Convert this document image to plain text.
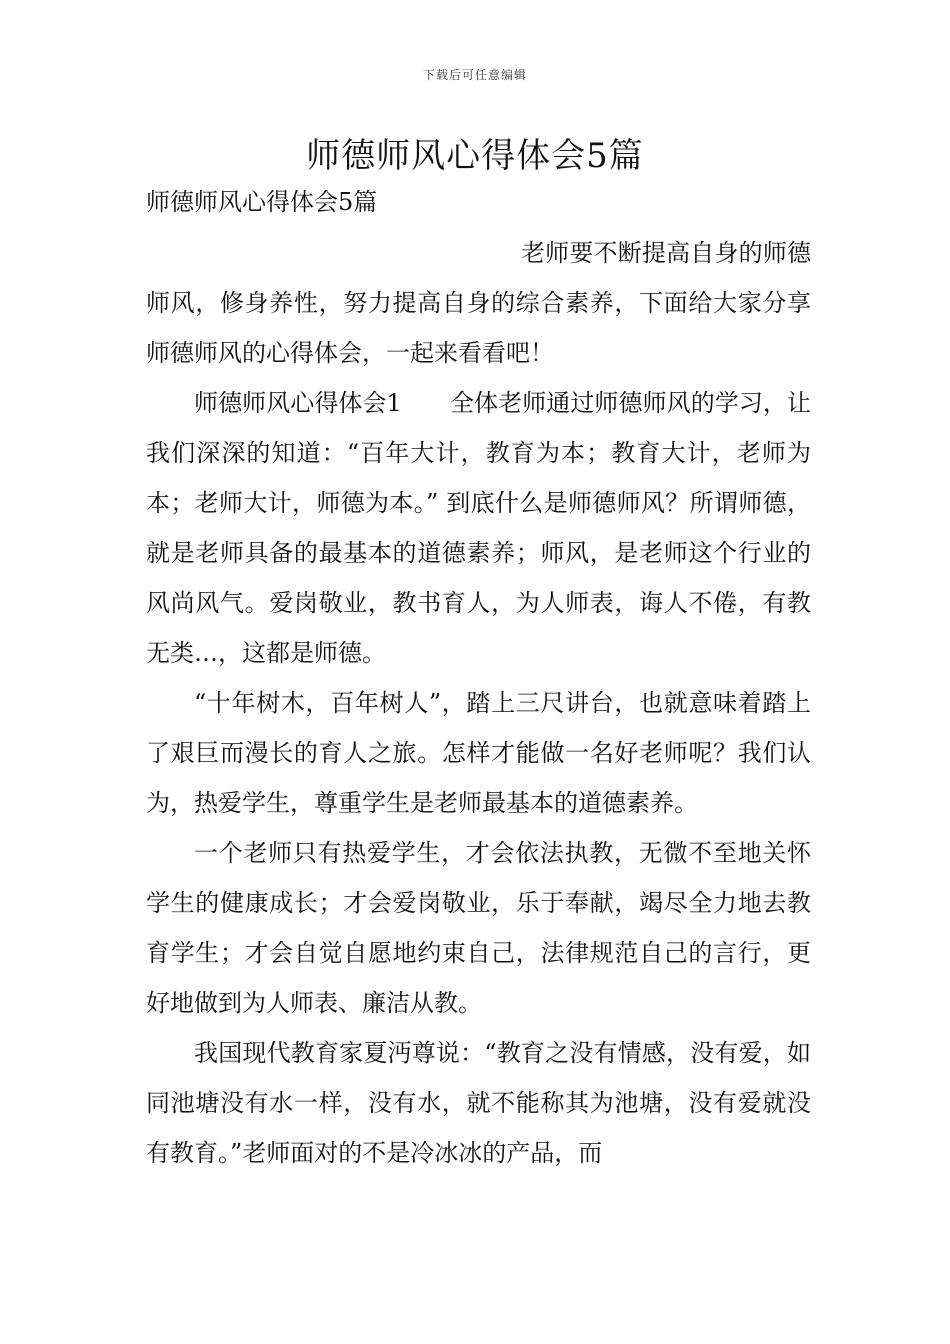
下载后可任意编辑
师德师风心得体会5篇

师德师风心得体会5篇

老师要不断提高自身的师德师风，修身养性，努力提高自身的综合素养，下面给大家分享师德师风的心得体会，一起来看看吧！

师德师风心得体会1　　全体老师通过师德师风的学习，让我们深深的知道：“百年大计，教育为本；教育大计，老师为本；老师大计，师德为本。” 到底什么是师德师风？所谓师德，就是老师具备的最基本的道德素养；师风，是老师这个行业的风尚风气。爱岗敬业，教书育人，为人师表，诲人不倦，有教无类…，这都是师德。

“十年树木，百年树人”，踏上三尺讲台，也就意味着踏上了艰巨而漫长的育人之旅。怎样才能做一名好老师呢？我们认为，热爱学生，尊重学生是老师最基本的道德素养。

一个老师只有热爱学生，才会依法执教，无微不至地关怀学生的健康成长；才会爱岗敬业，乐于奉献，竭尽全力地去教育学生；才会自觉自愿地约束自己，法律规范自己的言行，更好地做到为人师表、廉洁从教。

我国现代教育家夏沔尊说：“教育之没有情感，没有爱，如同池塘没有水一样，没有水，就不能称其为池塘，没有爱就没有教育。”老师面对的不是冷冰冰的产品，而
